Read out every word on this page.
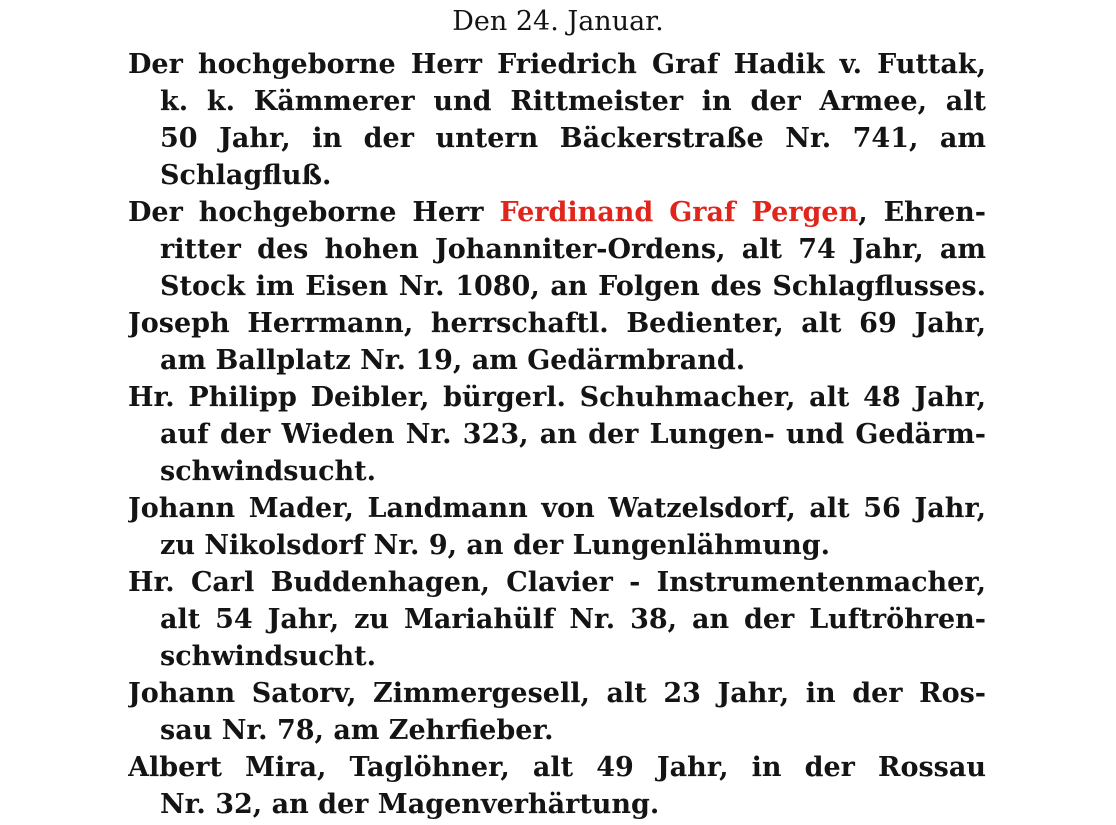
Den 24. Januar.
Der hochgeborne Herr Friedrich Graf Hadik v. Futtak,
k. k. Kämmerer und Rittmeister in der Armee, alt
50 Jahr, in der untern Bäckerstraße Nr. 741, am
Schlagfluß.
Der hochgeborne Herr Ferdinand Graf Pergen, Ehren-
ritter des hohen Johanniter-Ordens, alt 74 Jahr, am
Stock im Eisen Nr. 1080, an Folgen des Schlagflusses.
Joseph Herrmann, herrschaftl. Bedienter, alt 69 Jahr,
am Ballplatz Nr. 19, am Gedärmbrand.
Hr. Philipp Deibler, bürgerl. Schuhmacher, alt 48 Jahr,
auf der Wieden Nr. 323, an der Lungen- und Gedärm-
schwindsucht.
Johann Mader, Landmann von Watzelsdorf, alt 56 Jahr,
zu Nikolsdorf Nr. 9, an der Lungenlähmung.
Hr. Carl Buddenhagen, Clavier - Instrumentenmacher,
alt 54 Jahr, zu Mariahülf Nr. 38, an der Luftröhren-
schwindsucht.
Johann Satorv, Zimmergesell, alt 23 Jahr, in der Ros-
sau Nr. 78, am Zehrfieber.
Albert Mira, Taglöhner, alt 49 Jahr, in der Rossau
Nr. 32, an der Magenverhärtung.
